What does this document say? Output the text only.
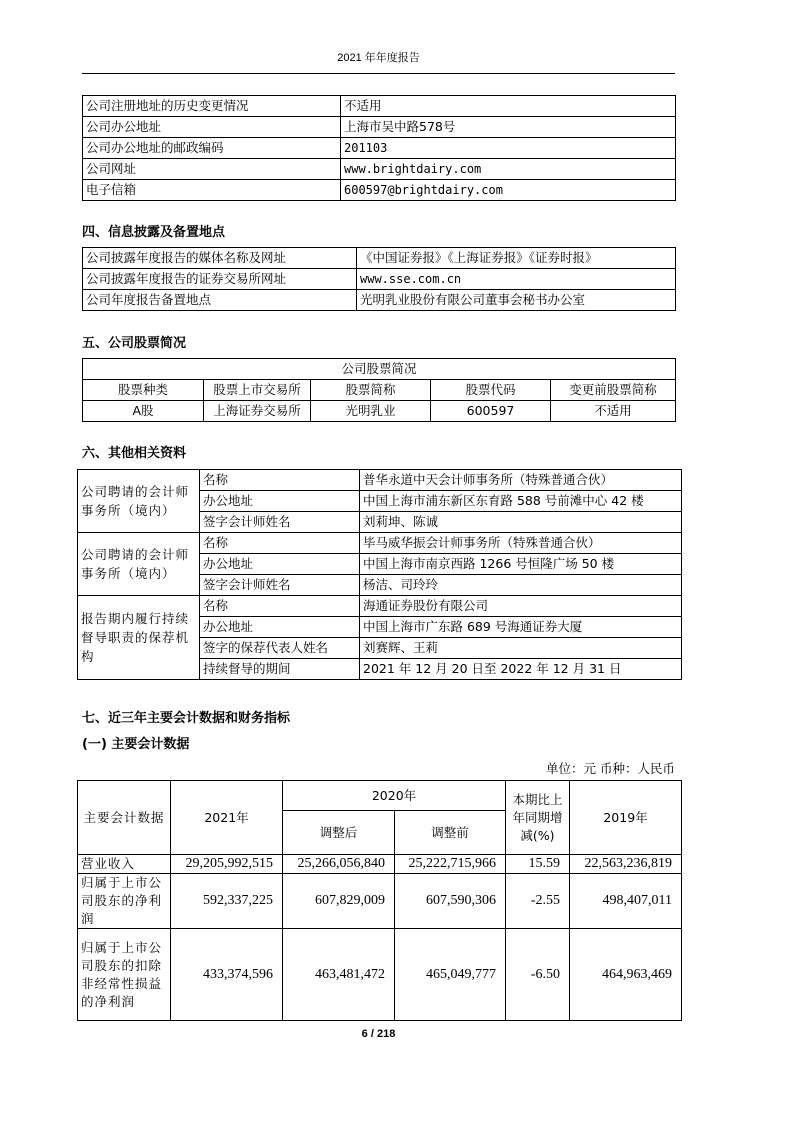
2021 年年度报告
公司注册地址的历史变更情况	不适用
公司办公地址	上海市吴中路578号
公司办公地址的邮政编码	201103
公司网址	www.brightdairy.com
电子信箱	600597@brightdairy.com
四、信息披露及备置地点
公司披露年度报告的媒体名称及网址	《中国证券报》《上海证券报》《证券时报》
公司披露年度报告的证券交易所网址	www.sse.com.cn
公司年度报告备置地点	光明乳业股份有限公司董事会秘书办公室
五、公司股票简况
公司股票简况				
股票种类	股票上市交易所	股票简称	股票代码	变更前股票简称
A股	上海证券交易所	光明乳业	600597	不适用
六、其他相关资料
公司聘请的会计师事务所（境内）	名称	普华永道中天会计师事务所（特殊普通合伙）
	办公地址	中国上海市浦东新区东育路 588 号前滩中心 42 楼
	签字会计师姓名	刘莉坤、陈诚
公司聘请的会计师事务所（境内）	名称	毕马威华振会计师事务所（特殊普通合伙）
	办公地址	中国上海市南京西路 1266 号恒隆广场 50 楼
	签字会计师姓名	杨洁、司玲玲
报告期内履行持续督导职责的保荐机构	名称	海通证券股份有限公司
	办公地址	中国上海市广东路 689 号海通证券大厦
	签字的保荐代表人姓名	刘赛辉、王莉
	持续督导的期间	2021 年 12 月 20 日至 2022 年 12 月 31 日
七、近三年主要会计数据和财务指标
(一) 主要会计数据
单位：元 币种：人民币
主要会计数据	2021年	2020年		本期比上年同期增减(%)	2019年
		调整后	调整前		
营业收入	29,205,992,515	25,266,056,840	25,222,715,966	15.59	22,563,236,819
归属于上市公司股东的净利润	592,337,225	607,829,009	607,590,306	-2.55	498,407,011
归属于上市公司股东的扣除非经常性损益的净利润	433,374,596	463,481,472	465,049,777	-6.50	464,963,469
6 / 218
